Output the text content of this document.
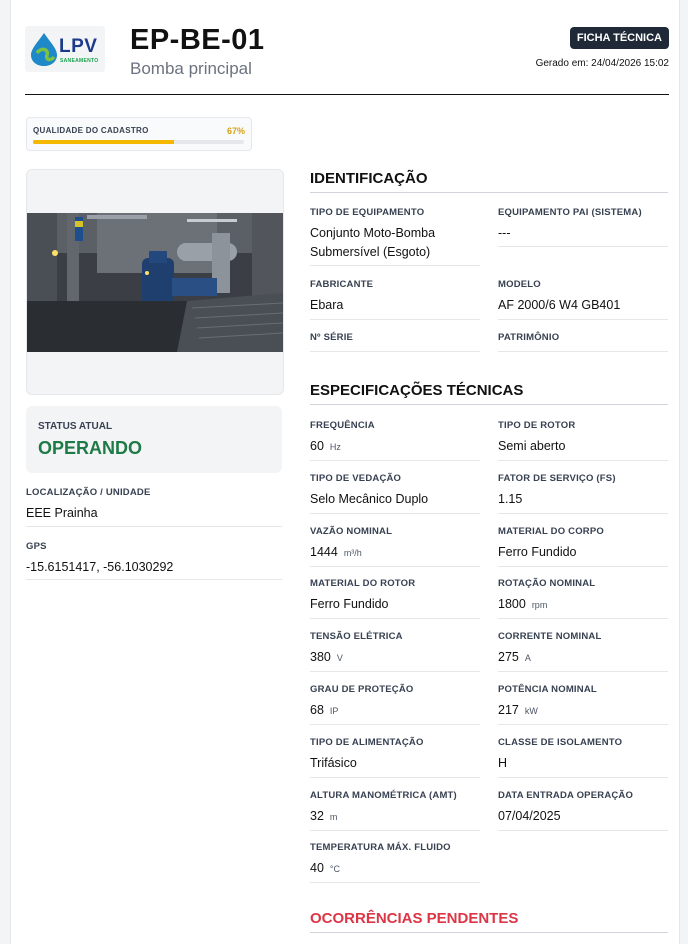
LPV
SANEAMENTO
EP-BE-01
Bomba principal
FICHA TÉCNICA
Gerado em: 24/04/2026 15:02
QUALIDADE DO CADASTRO	67%
STATUS ATUAL
OPERANDO
LOCALIZAÇÃO / UNIDADE
EEE Prainha
GPS
-15.6151417, -56.1030292
IDENTIFICAÇÃO
TIPO DE EQUIPAMENTO
Conjunto Moto-Bomba Submersível (Esgoto)
EQUIPAMENTO PAI (SISTEMA)
---
FABRICANTE
Ebara
MODELO
AF 2000/6 W4 GB401
Nº SÉRIE	PATRIMÔNIO
ESPECIFICAÇÕES TÉCNICAS
FREQUÊNCIA
60 Hz
TIPO DE ROTOR
Semi aberto
TIPO DE VEDAÇÃO
Selo Mecânico Duplo
FATOR DE SERVIÇO (FS)
1.15
VAZÃO NOMINAL
1444 m³/h
MATERIAL DO CORPO
Ferro Fundido
MATERIAL DO ROTOR
Ferro Fundido
ROTAÇÃO NOMINAL
1800 rpm
TENSÃO ELÉTRICA
380 V
CORRENTE NOMINAL
275 A
GRAU DE PROTEÇÃO
68 IP
POTÊNCIA NOMINAL
217 kW
TIPO DE ALIMENTAÇÃO
Trifásico
CLASSE DE ISOLAMENTO
H
ALTURA MANOMÉTRICA (AMT)
32 m
DATA ENTRADA OPERAÇÃO
07/04/2025
TEMPERATURA MÁX. FLUIDO
40 °C
OCORRÊNCIAS PENDENTES
